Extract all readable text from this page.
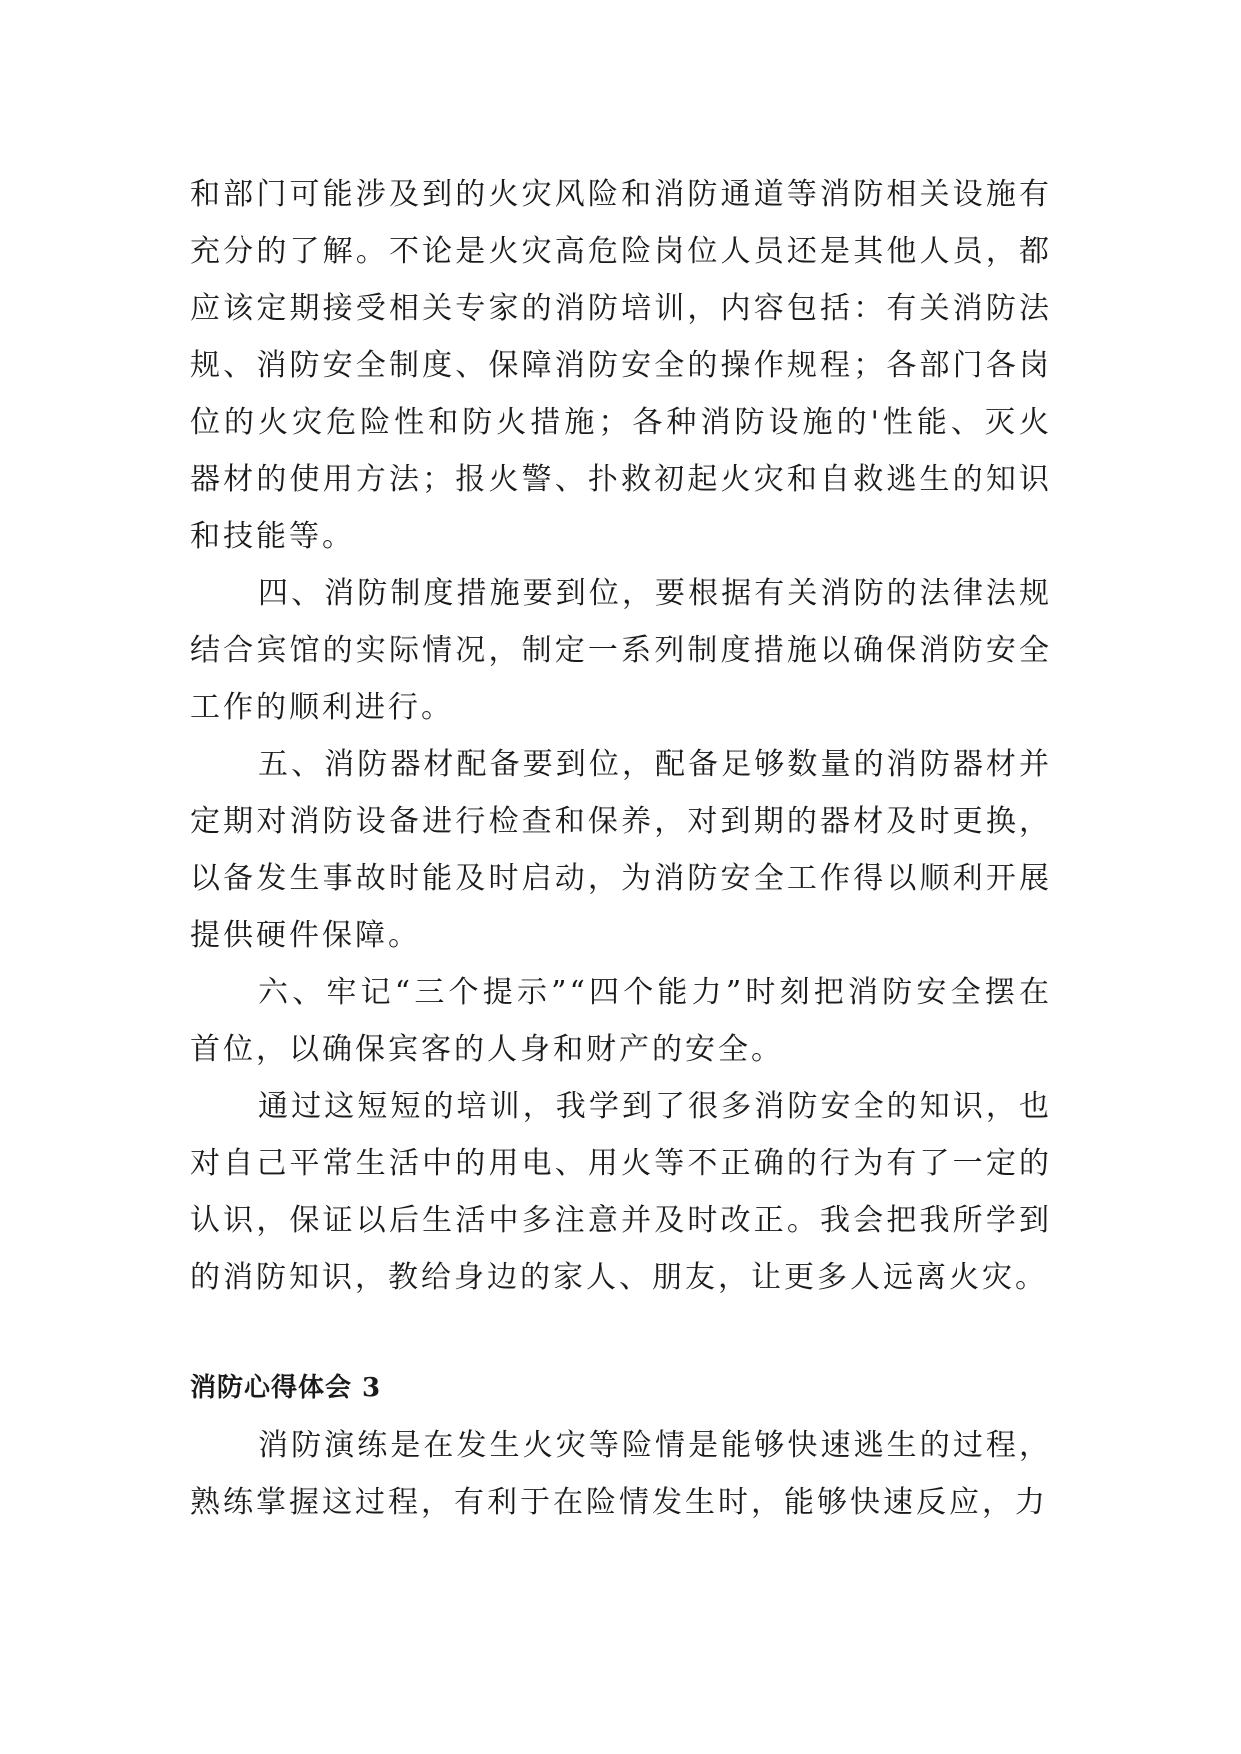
和部门可能涉及到的火灾风险和消防通道等消防相关设施有充分的了解。不论是火灾高危险岗位人员还是其他人员，都应该定期接受相关专家的消防培训，内容包括：有关消防法规、消防安全制度、保障消防安全的操作规程；各部门各岗位的火灾危险性和防火措施；各种消防设施的'性能、灭火器材的使用方法；报火警、扑救初起火灾和自救逃生的知识和技能等。

四、消防制度措施要到位，要根据有关消防的法律法规结合宾馆的实际情况，制定一系列制度措施以确保消防安全工作的顺利进行。

五、消防器材配备要到位，配备足够数量的消防器材并定期对消防设备进行检查和保养，对到期的器材及时更换，以备发生事故时能及时启动，为消防安全工作得以顺利开展提供硬件保障。

六、牢记“三个提示”“四个能力”时刻把消防安全摆在首位，以确保宾客的人身和财产的安全。

通过这短短的培训，我学到了很多消防安全的知识，也对自己平常生活中的用电、用火等不正确的行为有了一定的认识，保证以后生活中多注意并及时改正。我会把我所学到的消防知识，教给身边的家人、朋友，让更多人远离火灾。

消防心得体会 3

消防演练是在发生火灾等险情是能够快速逃生的过程，熟练掌握这过程，有利于在险情发生时，能够快速反应，力
